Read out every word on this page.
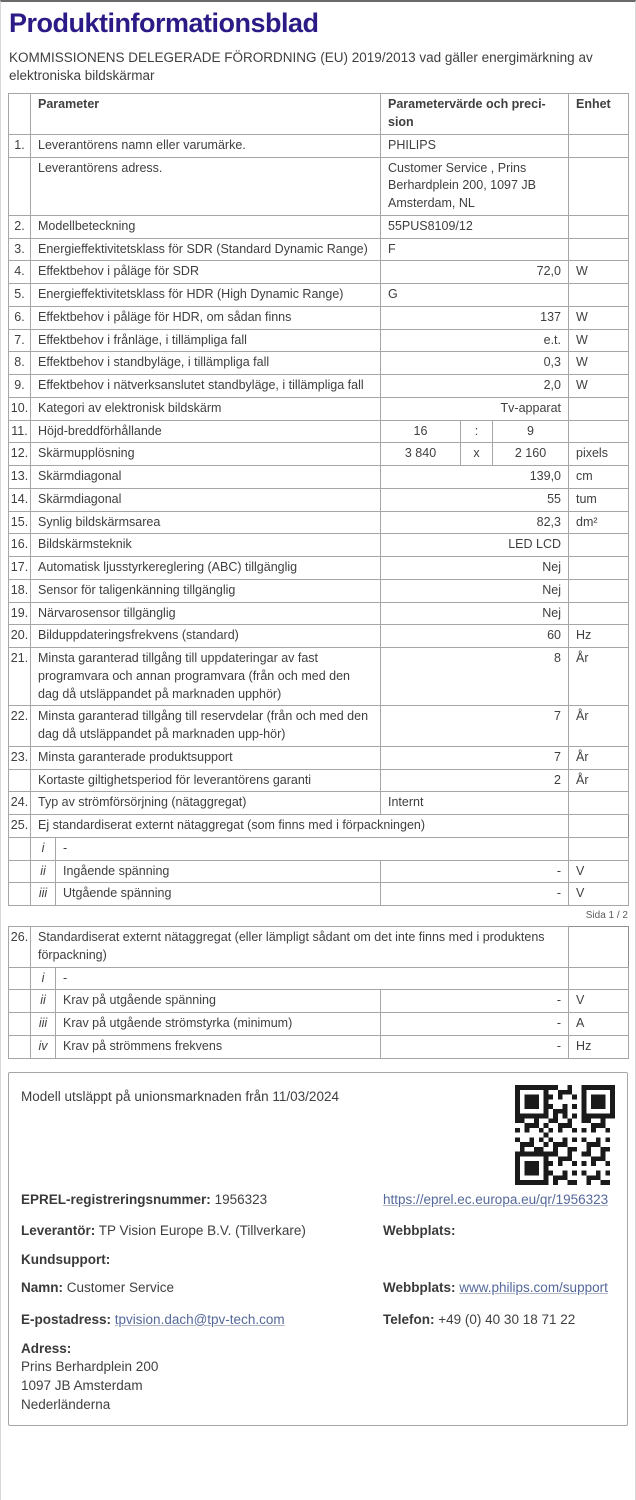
Produktinformationsblad
KOMMISSIONENS DELEGERADE FÖRORDNING (EU) 2019/2013 vad gäller energimärkning av elektroniska bildskärmar
	Parameter		Parametervärde och preci-sion			Enhet
1.	Leverantörens namn eller varumärke.		PHILIPS			
	Leverantörens adress.		Customer Service , Prins Berhardplein 200, 1097 JB Amsterdam, NL			
2.	Modellbeteckning		55PUS8109/12			
3.	Energieffektivitetsklass för SDR (Standard Dynamic Range)		F			
4.	Effektbehov i påläge för SDR		72,0			W
5.	Energieffektivitetsklass för HDR (High Dynamic Range)		G			
6.	Effektbehov i påläge för HDR, om sådan finns		137			W
7.	Effektbehov i frånläge, i tillämpliga fall		e.t.			W
8.	Effektbehov i standbyläge, i tillämpliga fall		0,3			W
9.	Effektbehov i nätverksanslutet standbyläge, i tillämpliga fall		2,0			W
10.	Kategori av elektronisk bildskärm		Tv-apparat			
11.	Höjd-breddförhållande		16	:	9	
12.	Skärmupplösning		3 840	x	2 160	pixels
13.	Skärmdiagonal		139,0			cm
14.	Skärmdiagonal		55			tum
15.	Synlig bildskärmsarea		82,3			dm²
16.	Bildskärmsteknik		LED LCD			
17.	Automatisk ljusstyrkereglering (ABC) tillgänglig		Nej			
18.	Sensor för taligenkänning tillgänglig		Nej			
19.	Närvarosensor tillgänglig		Nej			
20.	Bilduppdateringsfrekvens (standard)		60			Hz
21.	Minsta garanterad tillgång till uppdateringar av fast programvara och annan programvara (från och med den dag då utsläppandet på marknaden upphör)		8			År
22.	Minsta garanterad tillgång till reservdelar (från och med den dag då utsläppandet på marknaden upp-hör)		7			År
23.	Minsta garanterade produktsupport		7			År
	Kortaste giltighetsperiod för leverantörens garanti		2			År
24.	Typ av strömförsörjning (nätaggregat)		Internt			
25.	Ej standardiserat externt nätaggregat (som finns med i förpackningen)					
	i	-				
	ii	Ingående spänning	-			V
	iii	Utgående spänning	-			V
Sida 1 / 2
26.	Standardiserat externt nätaggregat (eller lämpligt sådant om det inte finns med i produktens förpackning)			
	i	-		
	ii	Krav på utgående spänning	-	V
	iii	Krav på utgående strömstyrka (minimum)	-	A
	iv	Krav på strömmens frekvens	-	Hz
Modell utsläppt på unionsmarknaden från 11/03/2024
EPREL-registreringsnummer: 1956323	https://eprel.ec.europa.eu/qr/1956323
Leverantör: TP Vision Europe B.V. (Tillverkare)	Webbplats:
Kundsupport:
Namn: Customer Service	Webbplats: www.philips.com/support
E-postadress: tpvision.dach@tpv-tech.com	Telefon: +49 (0) 40 30 18 71 22
Adress:
Prins Berhardplein 200
1097 JB Amsterdam
Nederländerna
